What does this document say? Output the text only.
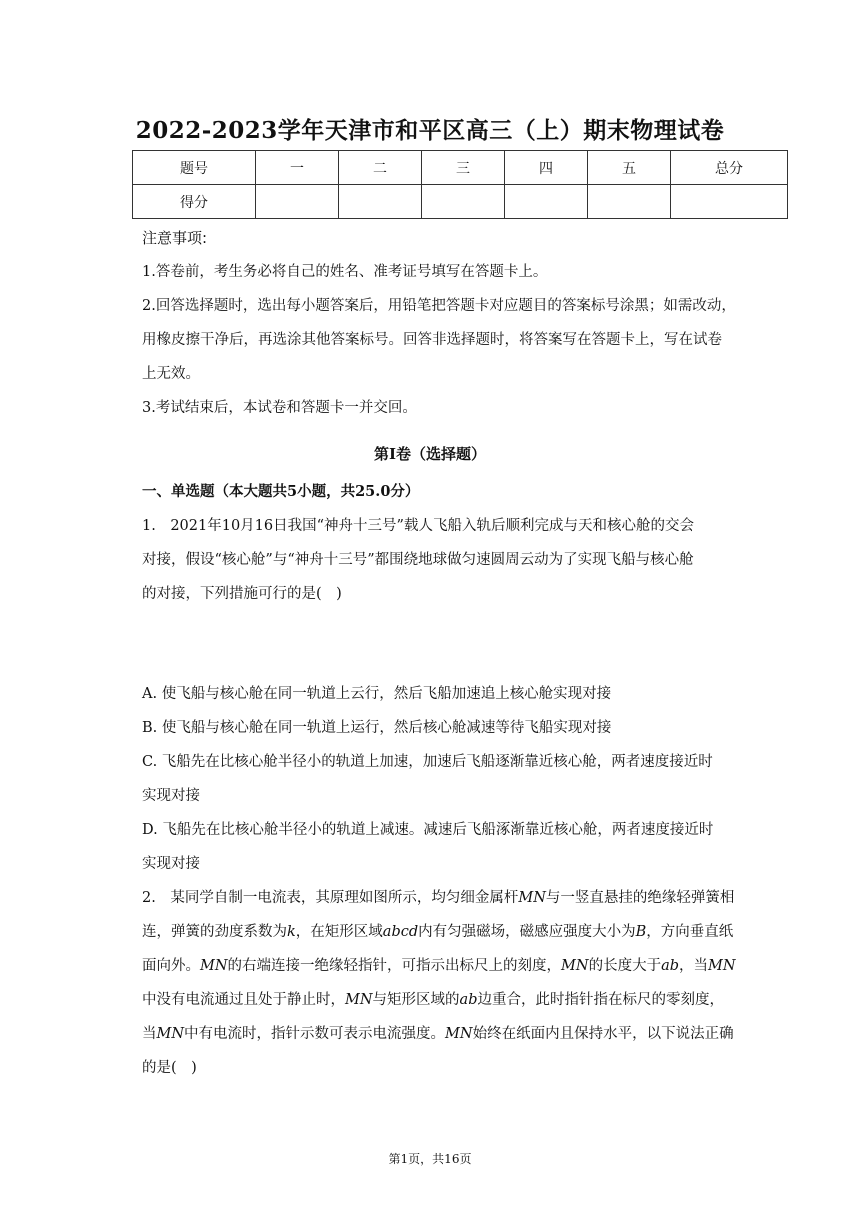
2022-2023学年天津市和平区高三（上）期末物理试卷
题号	一	二	三	四	五	总分
得分						
注意事项:
1.答卷前，考生务必将自己的姓名、准考证号填写在答题卡上。
2.回答选择题时，选出每小题答案后，用铅笔把答题卡对应题目的答案标号涂黑；如需改动，
用橡皮擦干净后，再选涂其他答案标号。回答非选择题时，将答案写在答题卡上，写在试卷
上无效。
3.考试结束后，本试卷和答题卡一并交回。
第I卷（选择题）
一、单选题（本大题共5小题，共25.0分）
1.　2021年10月16日我国“神舟十三号”载人飞船入轨后顺利完成与天和核心舱的交会
对接，假设“核心舱”与“神舟十三号”都围绕地球做匀速圆周云动为了实现飞船与核心舱
的对接，下列措施可行的是(　)
A. 使飞船与核心舱在同一轨道上云行，然后飞船加速追上核心舱实现对接
B. 使飞船与核心舱在同一轨道上运行，然后核心舱减速等待飞船实现对接
C. 飞船先在比核心舱半径小的轨道上加速，加速后飞船逐渐靠近核心舱，两者速度接近时
实现对接
D. 飞船先在比核心舱半径小的轨道上减速。减速后飞船涿渐靠近核心舱，两者速度接近时
实现对接
2.　某同学自制一电流表，其原理如图所示，均匀细金属杆MN与一竖直悬挂的绝缘轻弹簧相
连，弹簧的劲度系数为k，在矩形区域abcd内有匀强磁场，磁感应强度大小为B，方向垂直纸
面向外。MN的右端连接一绝缘轻指针，可指示出标尺上的刻度，MN的长度大于ab，当MN
中没有电流通过且处于静止时，MN与矩形区域的ab边重合，此时指针指在标尺的零刻度，
当MN中有电流时，指针示数可表示电流强度。MN始终在纸面内且保持水平，以下说法正确
的是(　)
第1页，共16页
